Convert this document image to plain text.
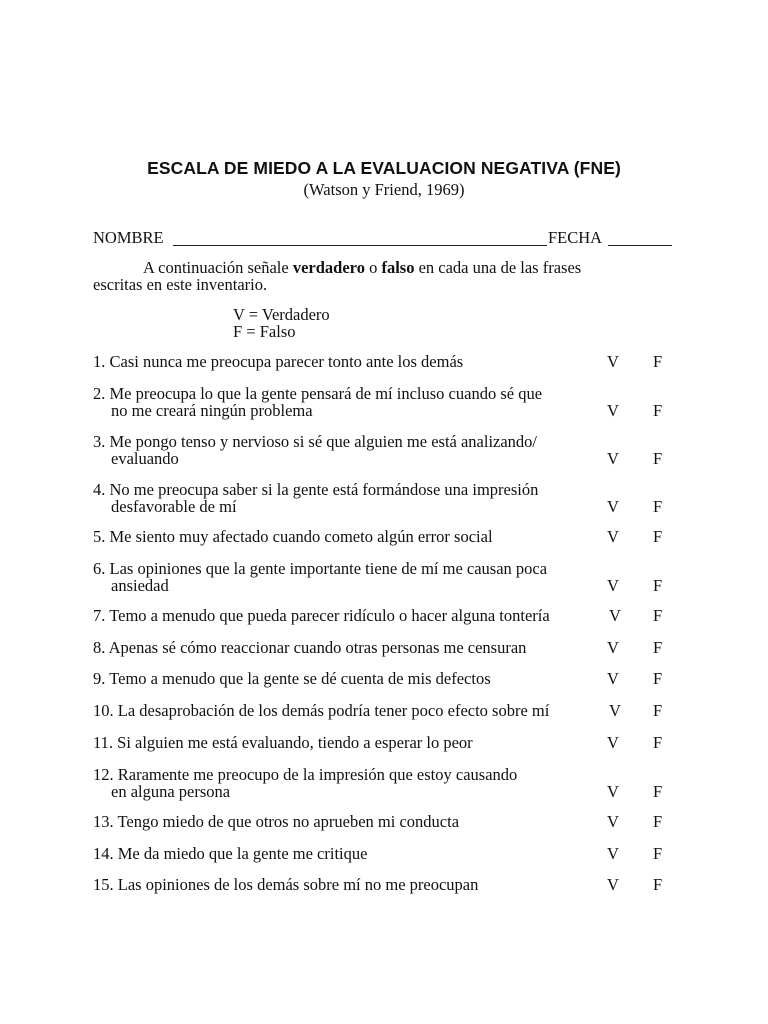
ESCALA DE MIEDO A LA EVALUACION NEGATIVA (FNE)
(Watson y Friend, 1969)
NOMBRE	FECHA
A continuación señale verdadero o falso en cada una de las frases
escritas en este inventario.
V = Verdadero
F = Falso
1. Casi nunca me preocupa parecer tonto ante los demás	V F
2. Me preocupa lo que la gente pensará de mí incluso cuando sé que
no me creará ningún problema	V F
3. Me pongo tenso y nervioso si sé que alguien me está analizando/
evaluando	V F
4. No me preocupa saber si la gente está formándose una impresión
desfavorable de mí	V F
5. Me siento muy afectado cuando cometo algún error social	V F
6. Las opiniones que la gente importante tiene de mí me causan poca
ansiedad	V F
7. Temo a menudo que pueda parecer ridículo o hacer alguna tontería	V F
8. Apenas sé cómo reaccionar cuando otras personas me censuran	V F
9. Temo a menudo que la gente se dé cuenta de mis defectos	V F
10. La desaprobación de los demás podría tener poco efecto sobre mí	V F
11. Si alguien me está evaluando, tiendo a esperar lo peor	V F
12. Raramente me preocupo de la impresión que estoy causando
en alguna persona	V F
13. Tengo miedo de que otros no aprueben mi conducta	V F
14. Me da miedo que la gente me critique	V F
15. Las opiniones de los demás sobre mí no me preocupan	V F
